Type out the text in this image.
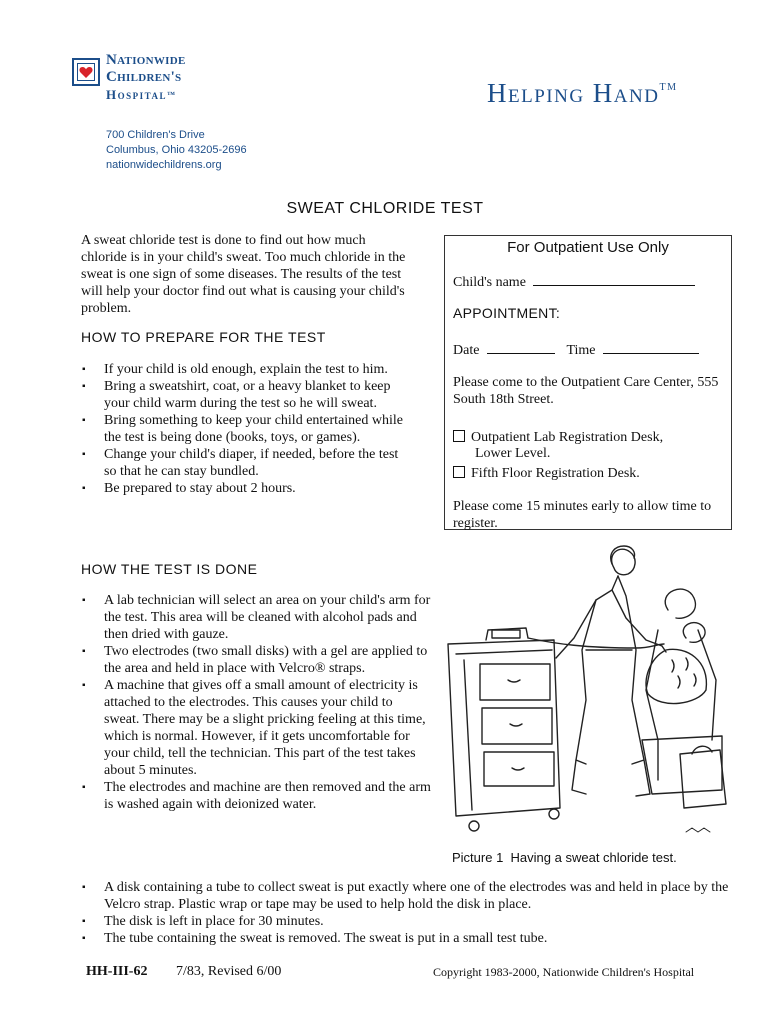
Nationwide
Children's
Hospital™	Helping Hand™
700 Children's Drive
Columbus, Ohio 43205-2696
nationwidechildrens.org
SWEAT CHLORIDE TEST
A sweat chloride test is done to find out how much chloride is in your child's sweat. Too much chloride in the sweat is one sign of some diseases. The results of the test will help your doctor find out what is causing your child's problem.
HOW TO PREPARE FOR THE TEST
▪ If your child is old enough, explain the test to him.
▪ Bring a sweatshirt, coat, or a heavy blanket to keep your child warm during the test so he will sweat.
▪ Bring something to keep your child entertained while the test is being done (books, toys, or games).
▪ Change your child's diaper, if needed, before the test so that he can stay bundled.
▪ Be prepared to stay about 2 hours.
HOW THE TEST IS DONE
▪ A lab technician will select an area on your child's arm for the test. This area will be cleaned with alcohol pads and then dried with gauze.
▪ Two electrodes (two small disks) with a gel are applied to the area and held in place with Velcro® straps.
▪ A machine that gives off a small amount of electricity is attached to the electrodes. This causes your child to sweat. There may be a slight pricking feeling at this time, which is normal. However, if it gets uncomfortable for your child, tell the technician. This part of the test takes about 5 minutes.
▪ The electrodes and machine are then removed and the arm is washed again with deionized water.
▪ A disk containing a tube to collect sweat is put exactly where one of the electrodes was and held in place by the Velcro strap. Plastic wrap or tape may be used to help hold the disk in place.
▪ The disk is left in place for 30 minutes.
▪ The tube containing the sweat is removed. The sweat is put in a small test tube.
For Outpatient Use Only
Child's name
APPOINTMENT:
Date	Time
Please come to the Outpatient Care Center, 555 South 18th Street.
Outpatient Lab Registration Desk,
Lower Level.
Fifth Floor Registration Desk.
Please come 15 minutes early to allow time to register.
Picture 1 Having a sweat chloride test.
HH-III-62 7/83, Revised 6/00	Copyright 1983-2000, Nationwide Children's Hospital
